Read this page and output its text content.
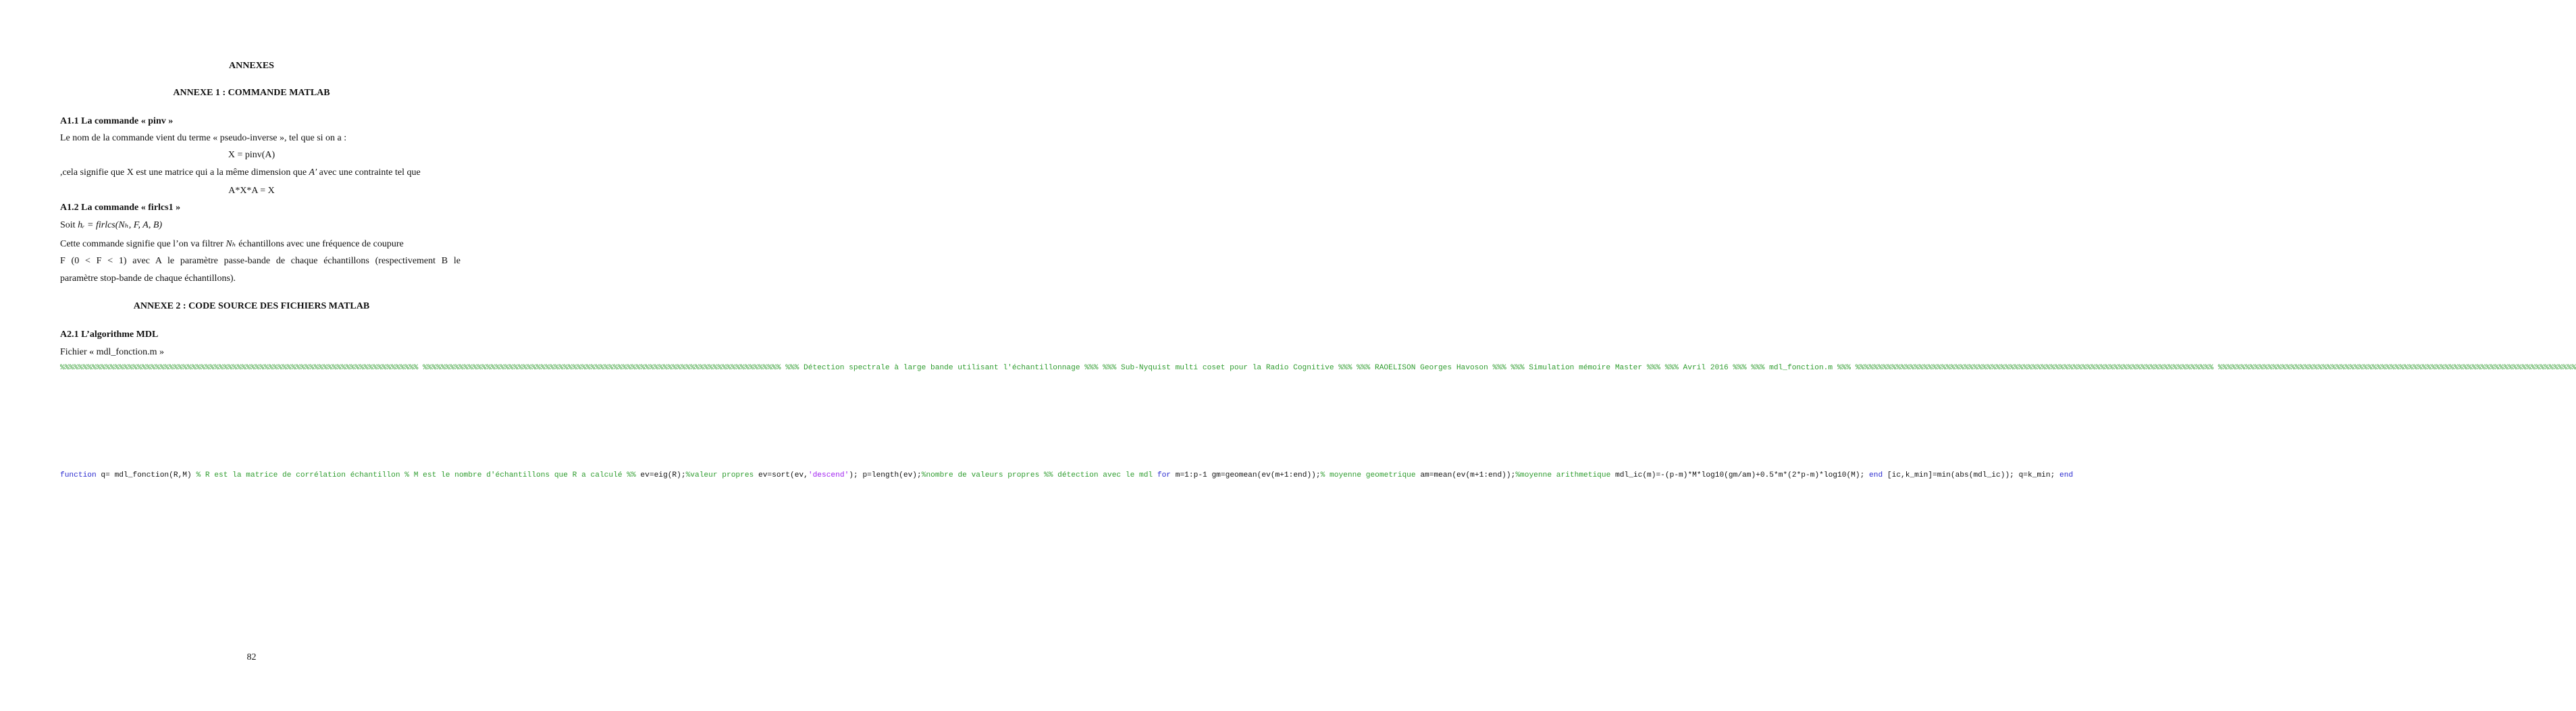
ANNEXES
ANNEXE 1 : COMMANDE MATLAB
A1.1 La commande « pinv »
Le nom de la commande vient du terme « pseudo-inverse », tel que si on a :
X = pinv(A)
,cela signifie que X est une matrice qui a la même dimension que A′ avec une contrainte tel que
A*X*A = X
A1.2 La commande « firlcs1 »
Soit hᵣ = firlcs(Nₕ, F, A, B)
Cette commande signifie que l’on va filtrer Nₕ échantillons avec une fréquence de coupure
F (0 < F < 1) avec A le paramètre passe-bande de chaque échantillons (respectivement B le
paramètre stop-bande de chaque échantillons).
ANNEXE 2 : CODE SOURCE DES FICHIERS MATLAB
A2.1 L’algorithme MDL
Fichier « mdl_fonction.m »
%%%%%%%%%%%%%%%%%%%%%%%%%%%%%%%%%%%%%%%%%%%%%%%%%%%%%%%%%%%%%%%%%%%%%%%%%%%%%%% %%%%%%%%%%%%%%%%%%%%%%%%%%%%%%%%%%%%%%%%%%%%%%%%%%%%%%%%%%%%%%%%%%%%%%%%%%%%%%% %%% Détection spectrale à large bande utilisant l'échantillonnage %%% %%% Sub-Nyquist multi coset pour la Radio Cognitive %%% %%% RAOELISON Georges Havoson %%% %%% Simulation mémoire Master %%% %%% Avril 2016 %%% %%% mdl_fonction.m %%% %%%%%%%%%%%%%%%%%%%%%%%%%%%%%%%%%%%%%%%%%%%%%%%%%%%%%%%%%%%%%%%%%%%%%%%%%%%%%%% %%%%%%%%%%%%%%%%%%%%%%%%%%%%%%%%%%%%%%%%%%%%%%%%%%%%%%%%%%%%%%%%%%%%%%%%%%%%%%%
function q= mdl_fonction(R,M) % R est la matrice de corrélation échantillon % M est le nombre d'échantillons que R a calculé %% ev=eig(R);%valeur propres ev=sort(ev,'descend'); p=length(ev);%nombre de valeurs propres %% détection avec le mdl for m=1:p-1 gm=geomean(ev(m+1:end));% moyenne geometrique am=mean(ev(m+1:end));%moyenne arithmetique mdl_ic(m)=-(p-m)*M*log10(gm/am)+0.5*m*(2*p-m)*log10(M); end [ic,k_min]=min(abs(mdl_ic)); q=k_min; end
82
